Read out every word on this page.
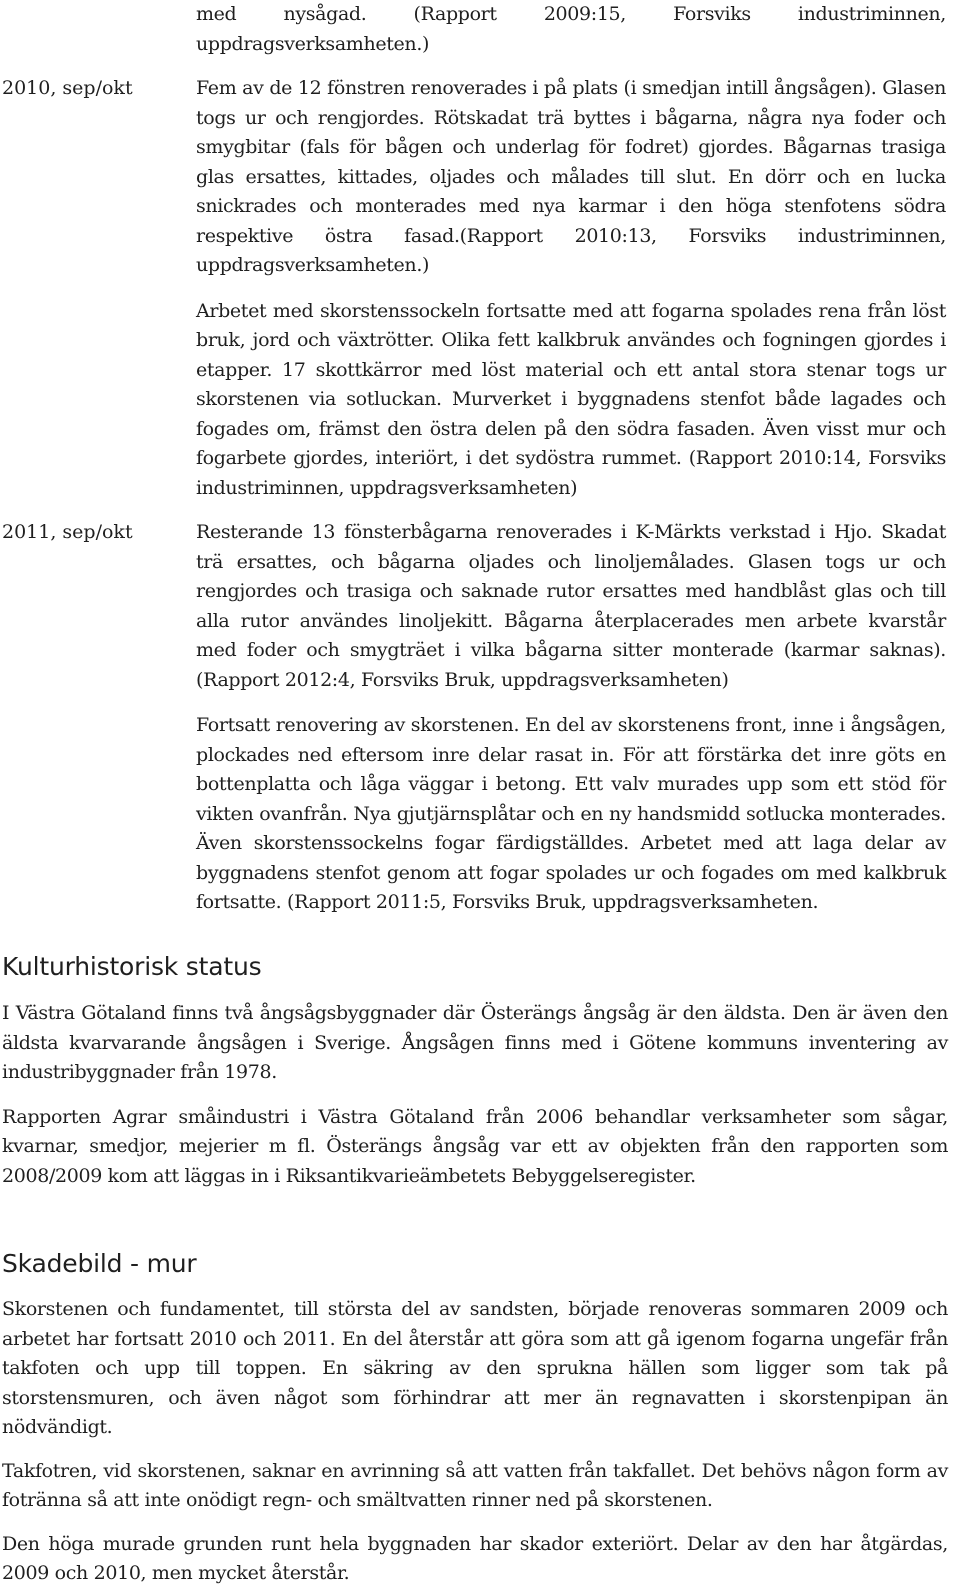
med nysågad. (Rapport 2009:15, Forsviks industriminnen, uppdragsverksamheten.)

2010, sep/okt	Fem av de 12 fönstren renoverades i på plats (i smedjan intill ångsågen). Glasen togs ur och rengjordes. Rötskadat trä byttes i bågarna, några nya foder och smygbitar (fals för bågen och underlag för fodret) gjordes. Bågarnas trasiga glas ersattes, kittades, oljades och målades till slut. En dörr och en lucka snickrades och monterades med nya karmar i den höga stenfotens södra respektive östra fasad.(Rapport 2010:13, Forsviks industriminnen, uppdragsverksamheten.)

Arbetet med skorstenssockeln fortsatte med att fogarna spolades rena från löst bruk, jord och växtrötter. Olika fett kalkbruk användes och fogningen gjordes i etapper. 17 skottkärror med löst material och ett antal stora stenar togs ur skorstenen via sotluckan. Murverket i byggnadens stenfot både lagades och fogades om, främst den östra delen på den södra fasaden. Även visst mur och fogarbete gjordes, interiört, i det sydöstra rummet. (Rapport 2010:14, Forsviks industriminnen, uppdragsverksamheten)

2011, sep/okt	Resterande 13 fönsterbågarna renoverades i K-Märkts verkstad i Hjo. Skadat trä ersattes, och bågarna oljades och linoljemålades. Glasen togs ur och rengjordes och trasiga och saknade rutor ersattes med handblåst glas och till alla rutor användes linoljekitt. Bågarna återplacerades men arbete kvarstår med foder och smygträet i vilka bågarna sitter monterade (karmar saknas). (Rapport 2012:4, Forsviks Bruk, uppdragsverksamheten)

Fortsatt renovering av skorstenen. En del av skorstenens front, inne i ångsågen, plockades ned eftersom inre delar rasat in. För att förstärka det inre göts en bottenplatta och låga väggar i betong. Ett valv murades upp som ett stöd för vikten ovanfrån. Nya gjutjärnsplåtar och en ny handsmidd sotlucka monterades. Även skorstenssockelns fogar färdigställdes. Arbetet med att laga delar av byggnadens stenfot genom att fogar spolades ur och fogades om med kalkbruk fortsatte. (Rapport 2011:5, Forsviks Bruk, uppdragsverksamheten.

Kulturhistorisk status

I Västra Götaland finns två ångsågsbyggnader där Österängs ångsåg är den äldsta. Den är även den äldsta kvarvarande ångsågen i Sverige. Ångsågen finns med i Götene kommuns inventering av industribyggnader från 1978.

Rapporten Agrar småindustri i Västra Götaland från 2006 behandlar verksamheter som sågar, kvarnar, smedjor, mejerier m fl. Österängs ångsåg var ett av objekten från den rapporten som 2008/2009 kom att läggas in i Riksantikvarieämbetets Bebyggelseregister.

Skadebild - mur

Skorstenen och fundamentet, till största del av sandsten, började renoveras sommaren 2009 och arbetet har fortsatt 2010 och 2011. En del återstår att göra som att gå igenom fogarna ungefär från takfoten och upp till toppen. En säkring av den sprukna hällen som ligger som tak på storstensmuren, och även något som förhindrar att mer än regnavatten i skorstenpipan än nödvändigt.

Takfotren, vid skorstenen, saknar en avrinning så att vatten från takfallet. Det behövs någon form av fotränna så att inte onödigt regn- och smältvatten rinner ned på skorstenen.

Den höga murade grunden runt hela byggnaden har skador exteriört. Delar av den har åtgärdas, 2009 och 2010, men mycket återstår.
